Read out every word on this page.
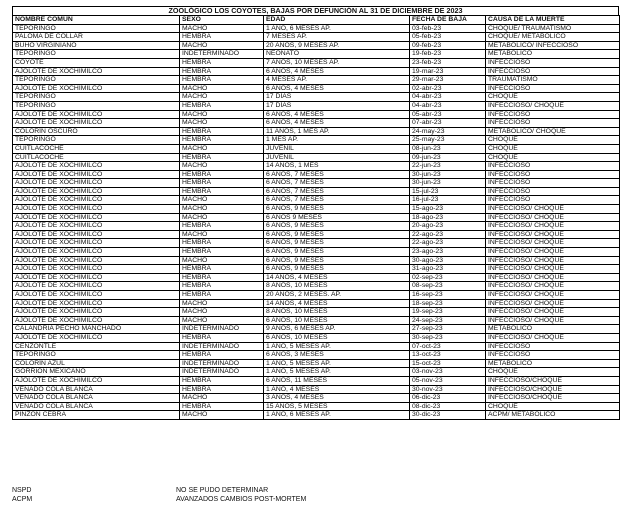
ZOOLÓGICO LOS COYOTES, BAJAS POR DEFUNCIÓN AL 31 DE DICIEMBRE DE 2023
NOMBRE COMÚN	SEXO	EDAD	FECHA DE BAJA	CAUSA DE LA MUERTE
TEPORINGO	MACHO	1 AÑO, 6 MESES AP.	03-feb-23	CHOQUE/ TRAUMATISMO
PALOMA DE COLLAR	HEMBRA	7 MESES AP.	05-feb-23	CHOQUE/ METABÓLICO
BÚHO VIRGINIANO	MACHO	20 AÑOS, 9 MESES AP.	09-feb-23	METABÓLICO/ INFECCIOSO
TEPORINGO	INDETERMINADO	NEONATO	19-feb-23	METABÓLICO
COYOTE	HEMBRA	7 AÑOS, 10 MESES AP.	23-feb-23	INFECCIOSO
AJOLOTE DE XOCHIMILCO	HEMBRA	6 AÑOS, 4 MESES	19-mar-23	INFECCIOSO
TEPORINGO	HEMBRA	4 MESES AP.	29-mar-23	TRAUMATISMO
AJOLOTE DE XOCHIMILCO	MACHO	6 AÑOS, 4 MESES	02-abr-23	INFECCIOSO
TEPORINGO	MACHO	17 DÍAS	04-abr-23	CHOQUE
TEPORINGO	HEMBRA	17 DÍAS	04-abr-23	INFECCIOSO/ CHOQUE
AJOLOTE DE XOCHIMILCO	MACHO	6 AÑOS, 4 MESES	05-abr-23	INFECCIOSO
AJOLOTE DE XOCHIMILCO	MACHO	6 AÑOS, 4 MESES	07-abr-23	INFECCIOSO
COLORÍN OSCURO	HEMBRA	11 AÑOS, 1 MES AP.	24-may-23	METABÓLICO/ CHOQUE
TEPORINGO	HEMBRA	1 MES AP.	25-may-23	CHOQUE
CUITLACOCHE	MACHO	JUVENIL	08-jun-23	CHOQUE
CUITLACOCHE	HEMBRA	JUVENIL	09-jun-23	CHOQUE
AJOLOTE DE XOCHIMILCO	MACHO	14 AÑOS, 1 MES	22-jun-23	INFECCIOSO
AJOLOTE DE XOCHIMILCO	HEMBRA	6 AÑOS, 7 MESES	30-jun-23	INFECCIOSO
AJOLOTE DE XOCHIMILCO	HEMBRA	6 AÑOS, 7 MESES	30-jun-23	INFECCIOSO
AJOLOTE DE XOCHIMILCO	HEMBRA	6 AÑOS, 7 MESES	15-jul-23	INFECCIOSO
AJOLOTE DE XOCHIMILCO	MACHO	6 AÑOS, 7 MESES	16-jul-23	INFECCIOSO
AJOLOTE DE XOCHIMILCO	MACHO	6 AÑOS, 9 MESES	15-ago-23	INFECCIOSO/ CHOQUE
AJOLOTE DE XOCHIMILCO	MACHO	6 AÑOS 9 MESES	18-ago-23	INFECCIOSO/ CHOQUE
AJOLOTE DE XOCHIMILCO	HEMBRA	6 AÑOS, 9 MESES	20-ago-23	INFECCIOSO/ CHOQUE
AJOLOTE DE XOCHIMILCO	MACHO	6 AÑOS, 9 MESES	22-ago-23	INFECCIOSO/ CHOQUE
AJOLOTE DE XOCHIMILCO	HEMBRA	6 AÑOS, 9 MESES	22-ago-23	INFECCIOSO/ CHOQUE
AJOLOTE DE XOCHIMILCO	HEMBRA	6 AÑOS, 9 MESES	23-ago-23	INFECCIOSO/ CHOQUE
AJOLOTE DE XOCHIMILCO	MACHO	6 AÑOS, 9 MESES	30-ago-23	INFECCIOSO/ CHOQUE
AJOLOTE DE XOCHIMILCO	HEMBRA	6 AÑOS, 9 MESES	31-ago-23	INFECCIOSO/ CHOQUE
AJOLOTE DE XOCHIMILCO	HEMBRA	14 AÑOS, 4 MESES	02-sep-23	INFECCIOSO/ CHOQUE
AJOLOTE DE XOCHIMILCO	HEMBRA	8 AÑOS, 10 MESES	08-sep-23	INFECCIOSO/ CHOQUE
AJOLOTE DE XOCHIMILCO	HEMBRA	20 AÑOS, 2 MESES. AP.	16-sep-23	INFECCIOSO/ CHOQUE
AJOLOTE DE XOCHIMILCO	MACHO	14 AÑOS, 4 MESES	18-sep-23	INFECCIOSO/ CHOQUE
AJOLOTE DE XOCHIMILCO	MACHO	8 AÑOS, 10 MESES	19-sep-23	INFECCIOSO/ CHOQUE
AJOLOTE DE XOCHIMILCO	MACHO	6 AÑOS, 10 MESES	24-sep-23	INFECCIOSO/ CHOQUE
CALANDRIA PECHO MANCHADO	INDETERMINADO	9 AÑOS, 6 MESES AP.	27-sep-23	METABÓLICO
AJOLOTE DE XOCHIMILCO	HEMBRA	6 AÑOS, 10 MESES	30-sep-23	INFECCIOSO/ CHOQUE
CENZONTLE	INDETERMINADO	1 AÑO, 5 MESES AP.	07-oct-23	INFECCIOSO
TEPORINGO	HEMBRA	6 AÑOS, 3 MESES	13-oct-23	INFECCIOSO
COLORÍN AZUL	INDETERMINADO	1 AÑO, 5 MESES AP.	15-oct-23	METABÓLICO
GORRIÓN MEXICANO	INDETERMINADO	1 AÑO, 5 MESES AP.	03-nov-23	CHOQUE
AJOLOTE DE XOCHIMILCO	HEMBRA	6 AÑOS, 11 MESES	05-nov-23	INFECCIOSO/CHOQUE
VENADO COLA BLANCA	HEMBRA	1 AÑO, 4 MESES	30-nov-23	INFECCIOSO/CHOQUE
VENADO COLA BLANCA	MACHO	3 AÑOS, 4 MESES	06-dic-23	INFECCIOSO/CHOQUE
VENADO COLA BLANCA	HEMBRA	15 AÑOS, 5 MESES	08-dic-23	CHOQUE
PINZÓN CEBRA	MACHO	1 AÑO, 6 MESES AP.	30-dic-23	ACPM/ METABÓLICO
NSPD	NO SE PUDO DETERMINAR
ACPM	AVANZADOS CAMBIOS POST-MORTEM
